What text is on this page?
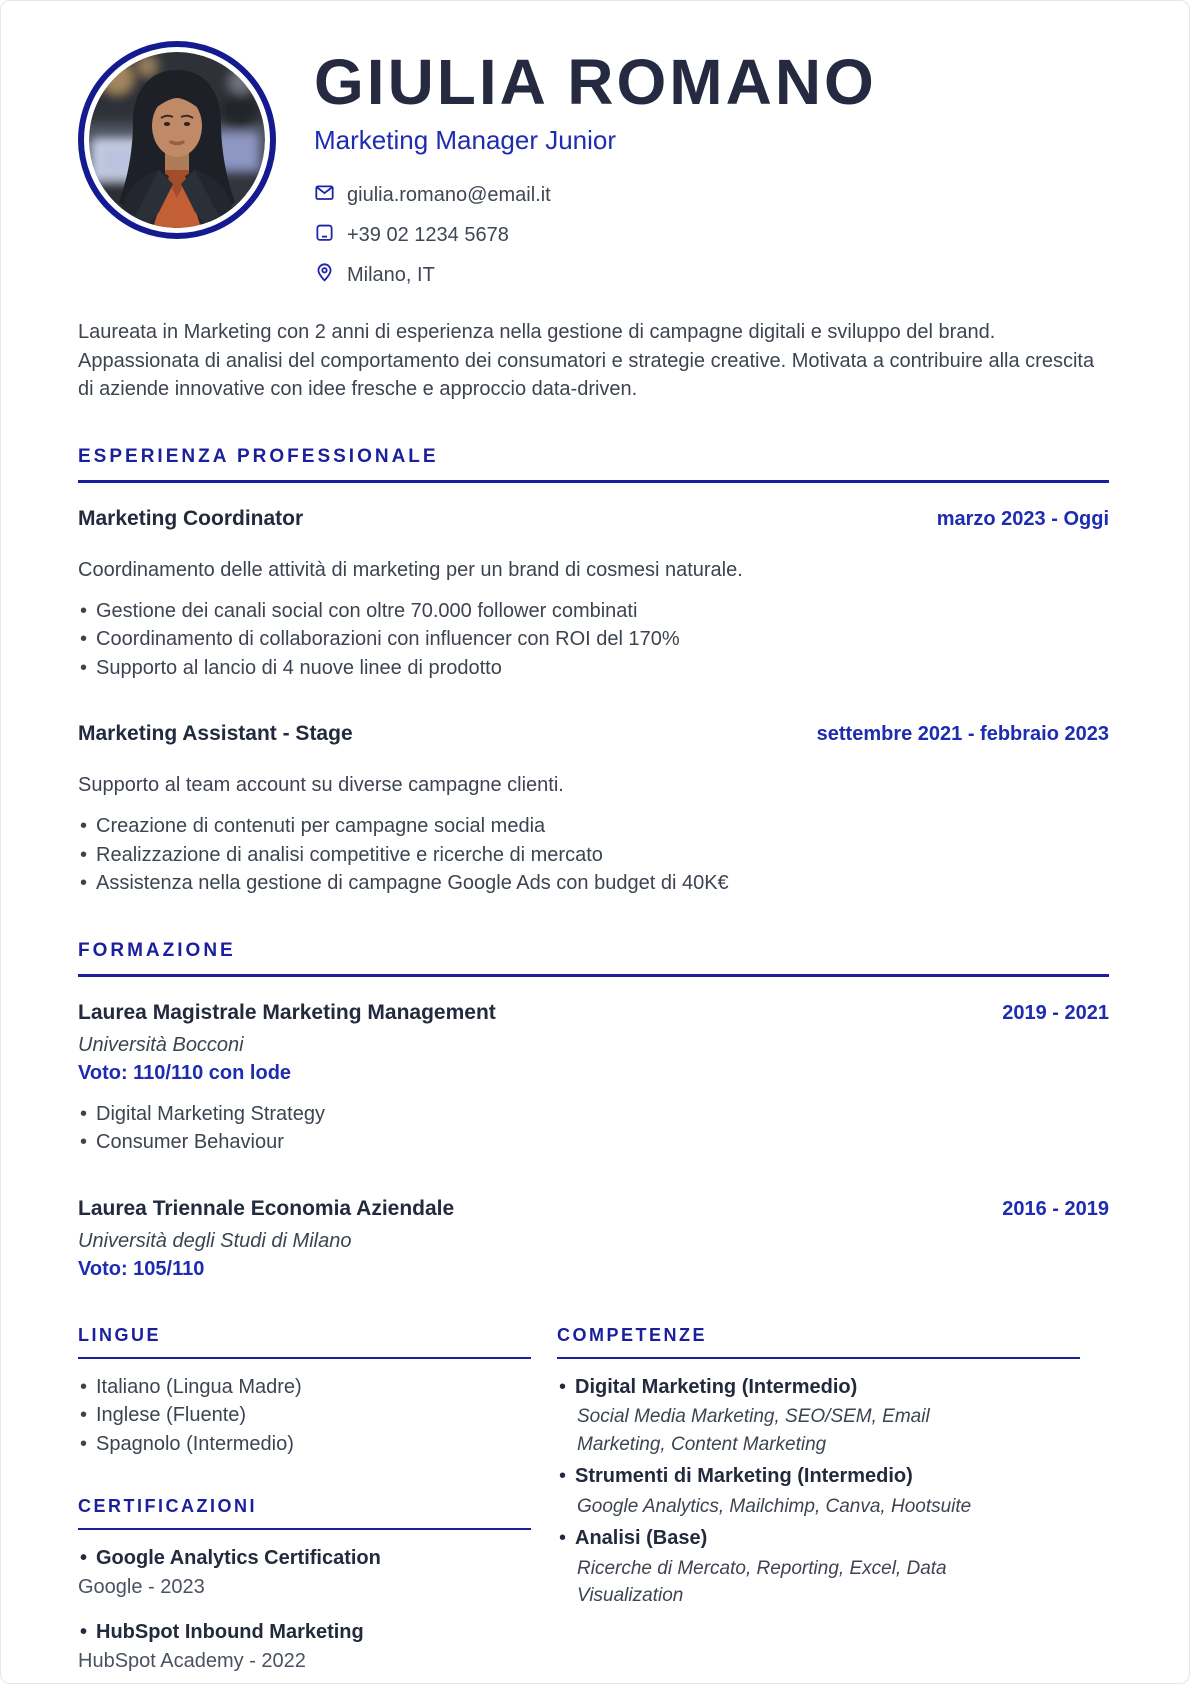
GIULIA ROMANO
Marketing Manager Junior
giulia.romano@email.it
+39 02 1234 5678
Milano, IT

Laureata in Marketing con 2 anni di esperienza nella gestione di campagne digitali e sviluppo del brand. Appassionata di analisi del comportamento dei consumatori e strategie creative. Motivata a contribuire alla crescita di aziende innovative con idee fresche e approccio data-driven.

ESPERIENZA PROFESSIONALE
Marketing Coordinator	marzo 2023 - Oggi
Coordinamento delle attività di marketing per un brand di cosmesi naturale.
• Gestione dei canali social con oltre 70.000 follower combinati
• Coordinamento di collaborazioni con influencer con ROI del 170%
• Supporto al lancio di 4 nuove linee di prodotto
Marketing Assistant - Stage	settembre 2021 - febbraio 2023
Supporto al team account su diverse campagne clienti.
• Creazione di contenuti per campagne social media
• Realizzazione di analisi competitive e ricerche di mercato
• Assistenza nella gestione di campagne Google Ads con budget di 40K€
FORMAZIONE
Laurea Magistrale Marketing Management	2019 - 2021
Università Bocconi
Voto: 110/110 con lode
• Digital Marketing Strategy
• Consumer Behaviour
Laurea Triennale Economia Aziendale	2016 - 2019
Università degli Studi di Milano
Voto: 105/110
LINGUE
• Italiano (Lingua Madre)
• Inglese (Fluente)
• Spagnolo (Intermedio)
CERTIFICAZIONI
• Google Analytics Certification
Google - 2023
• HubSpot Inbound Marketing
HubSpot Academy - 2022
COMPETENZE
• Digital Marketing (Intermedio)
Social Media Marketing, SEO/SEM, Email Marketing, Content Marketing
• Strumenti di Marketing (Intermedio)
Google Analytics, Mailchimp, Canva, Hootsuite
• Analisi (Base)
Ricerche di Mercato, Reporting, Excel, Data Visualization
